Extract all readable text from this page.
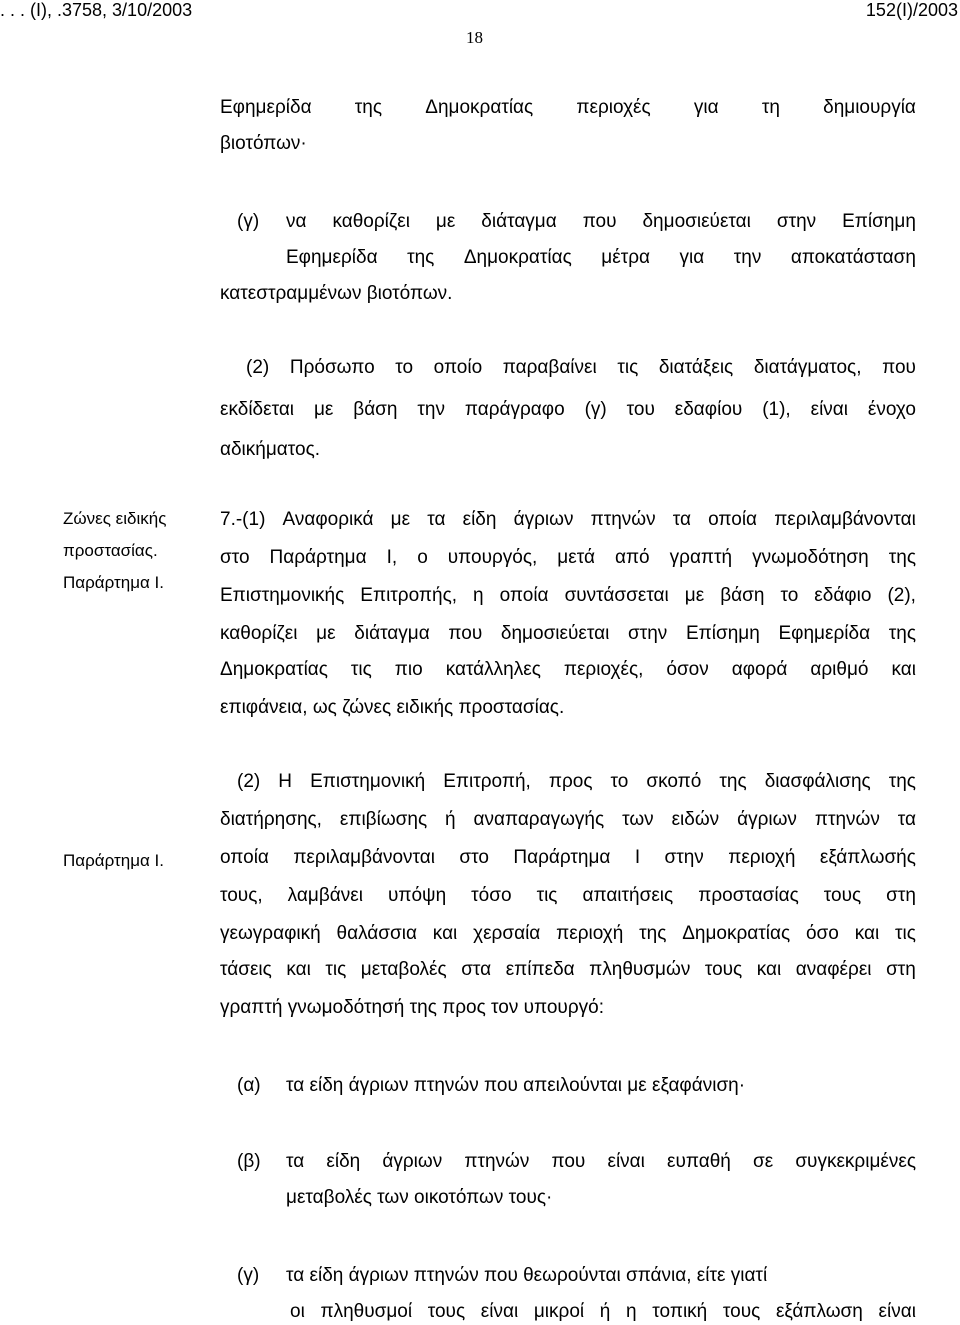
. . . (Ι), .3758, 3/10/2003	152(Ι)/2003
18
Εφημερίδα της Δημοκρατίας περιοχές για τη δημιουργία
βιοτόπων·
(γ) να καθορίζει με διάταγμα που δημοσιεύεται στην Επίσημη
Εφημερίδα της Δημοκρατίας μέτρα για την αποκατάσταση
κατεστραμμένων βιοτόπων.
(2) Πρόσωπο το οποίο παραβαίνει τις διατάξεις διατάγματος, που
εκδίδεται με βάση την παράγραφο (γ) του εδαφίου (1), είναι ένοχο
αδικήματος.
Ζώνες ειδικής
προστασίας.
Παράρτημα Ι.
7.-(1) Αναφορικά με τα είδη άγριων πτηνών τα οποία περιλαμβάνονται
στο Παράρτημα Ι, ο υπουργός, μετά από γραπτή γνωμοδότηση της
Επιστημονικής Επιτροπής, η οποία συντάσσεται με βάση το εδάφιο (2),
καθορίζει με διάταγμα που δημοσιεύεται στην Επίσημη Εφημερίδα της
Δημοκρατίας τις πιο κατάλληλες περιοχές, όσον αφορά αριθμό και
επιφάνεια, ως ζώνες ειδικής προστασίας.
Παράρτημα Ι.
(2) Η Επιστημονική Επιτροπή, προς το σκοπό της διασφάλισης της
διατήρησης, επιβίωσης ή αναπαραγωγής των ειδών άγριων πτηνών τα
οποία περιλαμβάνονται στο Παράρτημα Ι στην περιοχή εξάπλωσής
τους, λαμβάνει υπόψη τόσο τις απαιτήσεις προστασίας τους στη
γεωγραφική θαλάσσια και χερσαία περιοχή της Δημοκρατίας όσο και τις
τάσεις και τις μεταβολές στα επίπεδα πληθυσμών τους και αναφέρει στη
γραπτή γνωμοδότησή της προς τον υπουργό:
(α) τα είδη άγριων πτηνών που απειλούνται με εξαφάνιση·
(β) τα είδη άγριων πτηνών που είναι ευπαθή σε συγκεκριμένες
μεταβολές των οικοτόπων τους·
(γ) τα είδη άγριων πτηνών που θεωρούνται σπάνια, είτε γιατί
οι πληθυσμοί τους είναι μικροί ή η τοπική τους εξάπλωση είναι
